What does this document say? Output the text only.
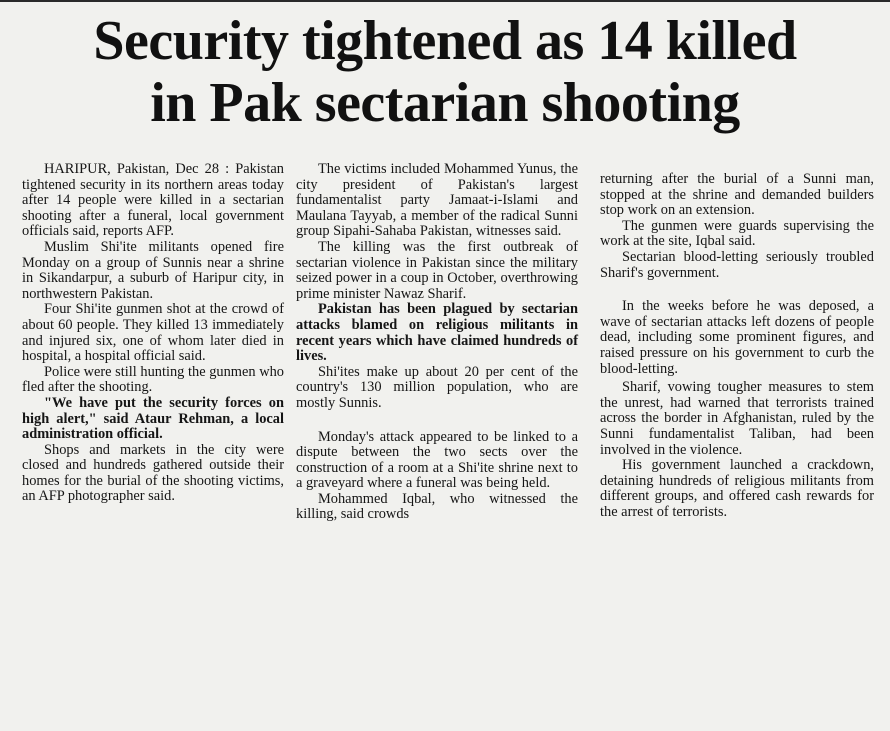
Security tightened as 14 killed
in Pak sectarian shooting

HARIPUR, Pakistan, Dec 28 : Pakistan tightened security in its northern areas today after 14 people were killed in a sectarian shooting after a funeral, local government officials said, reports AFP.

Muslim Shi'ite militants opened fire Monday on a group of Sunnis near a shrine in Sikandarpur, a suburb of Haripur city, in northwestern Pakistan.

Four Shi'ite gunmen shot at the crowd of about 60 people. They killed 13 immediately and injured six, one of whom later died in hospital, a hospital official said.

Police were still hunting the gunmen who fled after the shooting.

"We have put the security forces on high alert," said Ataur Rehman, a local administration official.

Shops and markets in the city were closed and hundreds gathered outside their homes for the burial of the shooting victims, an AFP photographer said.

The victims included Mohammed Yunus, the city president of Pakistan's largest fundamentalist party Jamaat-i-Islami and Maulana Tayyab, a member of the radical Sunni group Sipahi-Sahaba Pakistan, witnesses said.

The killing was the first outbreak of sectarian violence in Pakistan since the military seized power in a coup in October, overthrowing prime minister Nawaz Sharif.

Pakistan has been plagued by sectarian attacks blamed on religious militants in recent years which have claimed hundreds of lives.

Shi'ites make up about 20 per cent of the country's 130 million population, who are mostly Sunnis.

Monday's attack appeared to be linked to a dispute between the two sects over the construction of a room at a Shi'ite shrine next to a graveyard where a funeral was being held.

Mohammed Iqbal, who witnessed the killing, said crowds

returning after the burial of a Sunni man, stopped at the shrine and demanded builders stop work on an extension.

The gunmen were guards supervising the work at the site, Iqbal said.

Sectarian blood-letting seriously troubled Sharif's government.

In the weeks before he was deposed, a wave of sectarian attacks left dozens of people dead, including some prominent figures, and raised pressure on his government to curb the blood-letting.

Sharif, vowing tougher measures to stem the unrest, had warned that terrorists trained across the border in Afghanistan, ruled by the Sunni fundamentalist Taliban, had been involved in the violence.

His government launched a crackdown, detaining hundreds of religious militants from different groups, and offered cash rewards for the arrest of terrorists.
